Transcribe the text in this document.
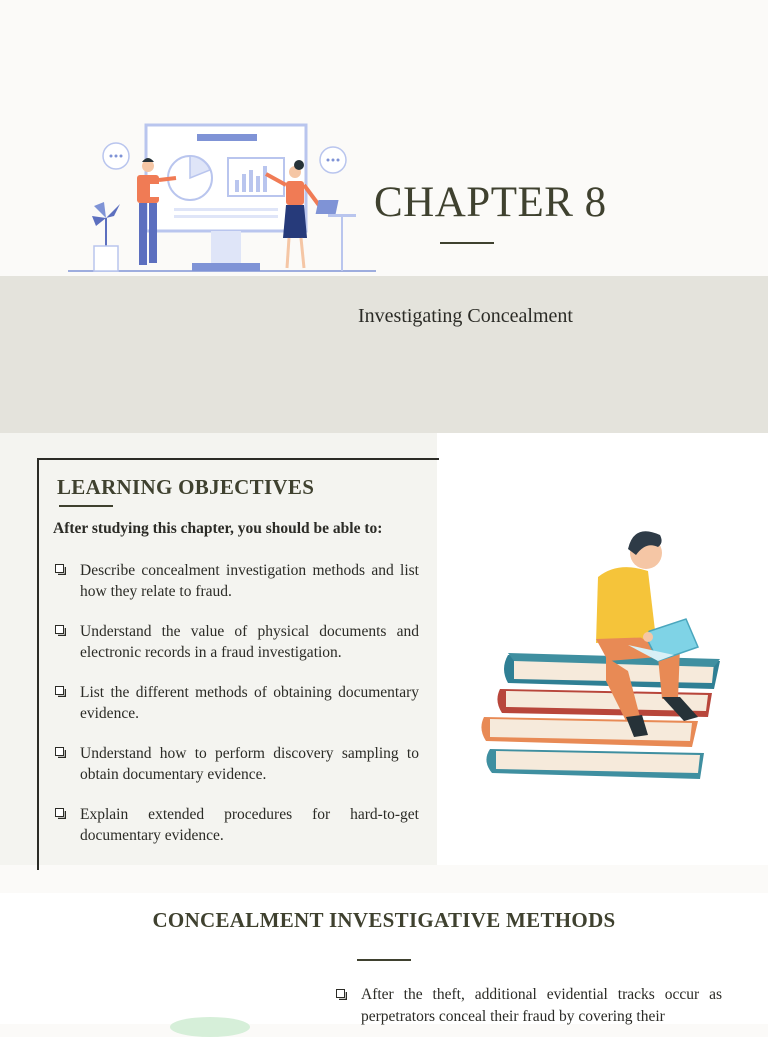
CHAPTER 8
Investigating Concealment
LEARNING OBJECTIVES
After studying this chapter, you should be able to:
Describe concealment investigation methods and list how they relate to fraud.
Understand the value of physical documents and electronic records in a fraud investigation.
List the different methods of obtaining documentary evidence.
Understand how to perform discovery sampling to obtain documentary evidence.
Explain extended procedures for hard-to-get documentary evidence.
CONCEALMENT INVESTIGATIVE METHODS
After the theft, additional evidential tracks occur as perpetrators conceal their fraud by covering their
